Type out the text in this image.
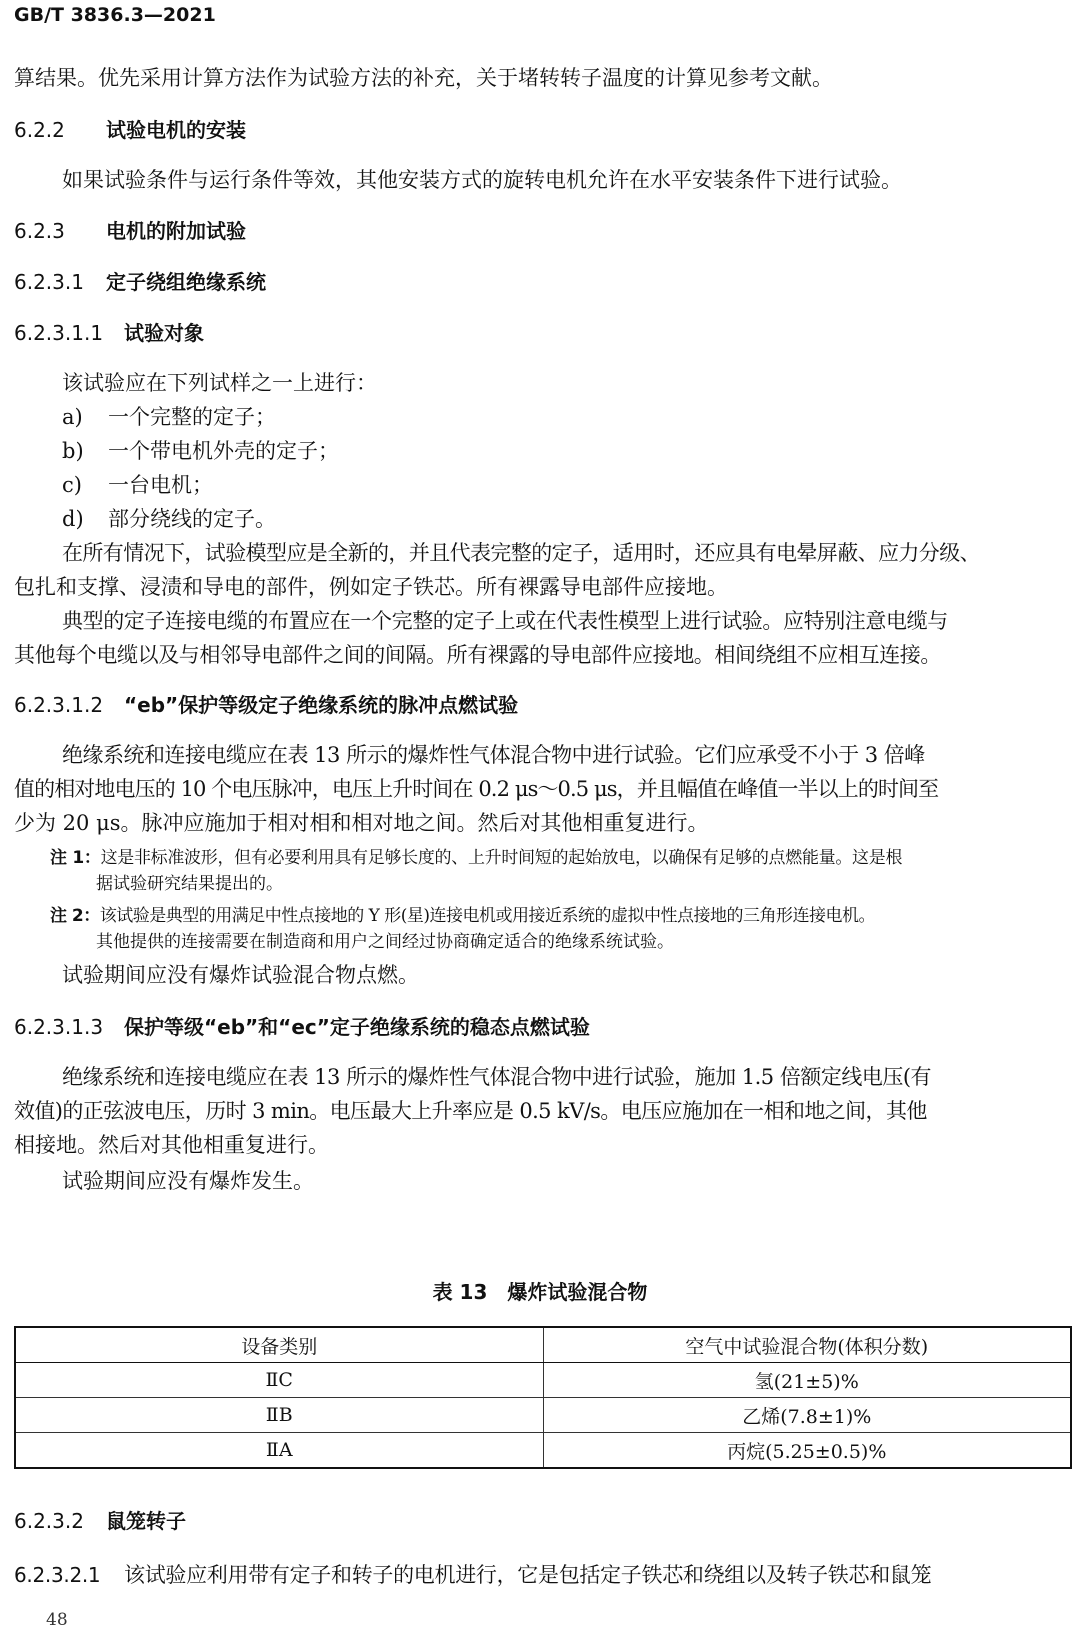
GB/T 3836.3—2021
算结果。优先采用计算方法作为试验方法的补充，关于堵转转子温度的计算见参考文献。
6.2.2 试验电机的安装
如果试验条件与运行条件等效，其他安装方式的旋转电机允许在水平安装条件下进行试验。
6.2.3 电机的附加试验
6.2.3.1 定子绕组绝缘系统
6.2.3.1.1 试验对象
该试验应在下列试样之一上进行：
a) 一个完整的定子；
b) 一个带电机外壳的定子；
c) 一台电机；
d) 部分绕线的定子。
在所有情况下，试验模型应是全新的，并且代表完整的定子，适用时，还应具有电晕屏蔽、应力分级、
包扎和支撑、浸渍和导电的部件，例如定子铁芯。所有裸露导电部件应接地。
典型的定子连接电缆的布置应在一个完整的定子上或在代表性模型上进行试验。应特别注意电缆与
其他每个电缆以及与相邻导电部件之间的间隔。所有裸露的导电部件应接地。相间绕组不应相互连接。
6.2.3.1.2 “eb”保护等级定子绝缘系统的脉冲点燃试验
绝缘系统和连接电缆应在表 13 所示的爆炸性气体混合物中进行试验。它们应承受不小于 3 倍峰
值的相对地电压的 10 个电压脉冲，电压上升时间在 0.2 μs～0.5 μs，并且幅值在峰值一半以上的时间至
少为 20 μs。脉冲应施加于相对相和相对地之间。然后对其他相重复进行。
注 1：这是非标准波形，但有必要利用具有足够长度的、上升时间短的起始放电，以确保有足够的点燃能量。这是根
据试验研究结果提出的。
注 2：该试验是典型的用满足中性点接地的 Y 形(星)连接电机或用接近系统的虚拟中性点接地的三角形连接电机。
其他提供的连接需要在制造商和用户之间经过协商确定适合的绝缘系统试验。
试验期间应没有爆炸试验混合物点燃。
6.2.3.1.3 保护等级“eb”和“ec”定子绝缘系统的稳态点燃试验
绝缘系统和连接电缆应在表 13 所示的爆炸性气体混合物中进行试验，施加 1.5 倍额定线电压(有
效值)的正弦波电压，历时 3 min。电压最大上升率应是 0.5 kV/s。电压应施加在一相和地之间，其他
相接地。然后对其他相重复进行。
试验期间应没有爆炸发生。
表 13　爆炸试验混合物
设备类别	空气中试验混合物(体积分数)
ⅡC	氢(21±5)%
ⅡB	乙烯(7.8±1)%
ⅡA	丙烷(5.25±0.5)%
6.2.3.2 鼠笼转子
6.2.3.2.1 该试验应利用带有定子和转子的电机进行，它是包括定子铁芯和绕组以及转子铁芯和鼠笼
48
